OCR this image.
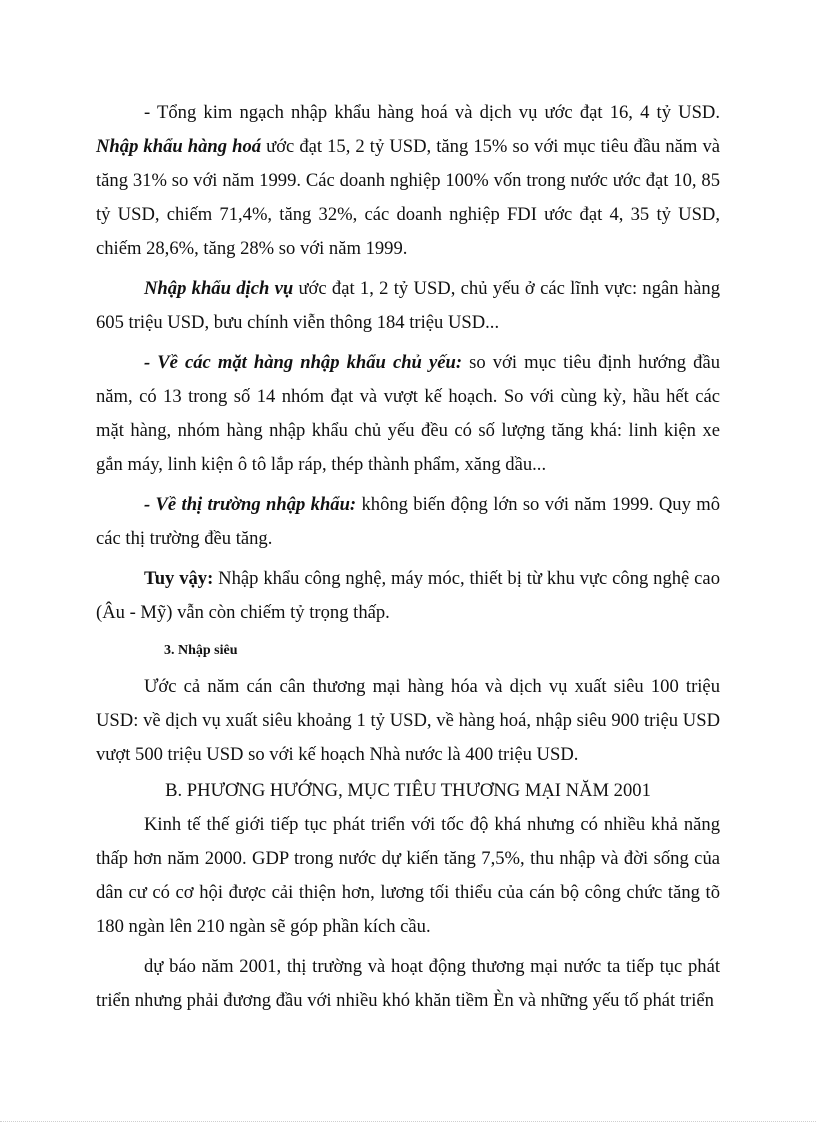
- Tổng kim ngạch nhập khẩu hàng hoá và dịch vụ ước đạt 16, 4 tỷ USD. Nhập khẩu hàng hoá ước đạt 15, 2 tỷ USD, tăng 15% so với mục tiêu đầu năm và tăng 31% so với năm 1999. Các doanh nghiệp 100% vốn trong nước ước đạt 10, 85 tỷ USD, chiếm 71,4%, tăng 32%, các doanh nghiệp FDI ước đạt 4, 35 tỷ USD, chiếm 28,6%, tăng 28% so với năm 1999.

Nhập khẩu dịch vụ ước đạt 1, 2 tỷ USD, chủ yếu ở các lĩnh vực: ngân hàng 605 triệu USD, bưu chính viễn thông 184 triệu USD...

- Về các mặt hàng nhập khẩu chủ yếu: so với mục tiêu định hướng đầu năm, có 13 trong số 14 nhóm đạt và vượt kế hoạch. So với cùng kỳ, hầu hết các mặt hàng, nhóm hàng nhập khẩu chủ yếu đều có số lượng tăng khá: linh kiện xe gắn máy, linh kiện ô tô lắp ráp, thép thành phẩm, xăng dầu...

- Về thị trường nhập khẩu: không biến động lớn so với năm 1999. Quy mô các thị trường đều tăng.

Tuy vậy: Nhập khẩu công nghệ, máy móc, thiết bị từ khu vực công nghệ cao (Âu - Mỹ) vẫn còn chiếm tỷ trọng thấp.

3. Nhập siêu

Ước cả năm cán cân thương mại hàng hóa và dịch vụ xuất siêu 100 triệu USD: về dịch vụ xuất siêu khoảng 1 tỷ USD, về hàng hoá, nhập siêu 900 triệu USD vượt 500 triệu USD so với kế hoạch Nhà nước là 400 triệu USD.

B. PHƯƠNG HƯỚNG, MỤC TIÊU THƯƠNG MẠI NĂM 2001

Kinh tế thế giới tiếp tục phát triển với tốc độ khá nhưng có nhiều khả năng thấp hơn năm 2000. GDP trong nước dự kiến tăng 7,5%, thu nhập và đời sống của dân cư có cơ hội được cải thiện hơn, lương tối thiểu của cán bộ công chức tăng tõ 180 ngàn lên 210 ngàn sẽ góp phần kích cầu.

dự báo năm 2001, thị trường và hoạt động thương mại nước ta tiếp tục phát triển nhưng phải đương đầu với nhiều khó khăn tiềm Èn và những yếu tố phát triển
